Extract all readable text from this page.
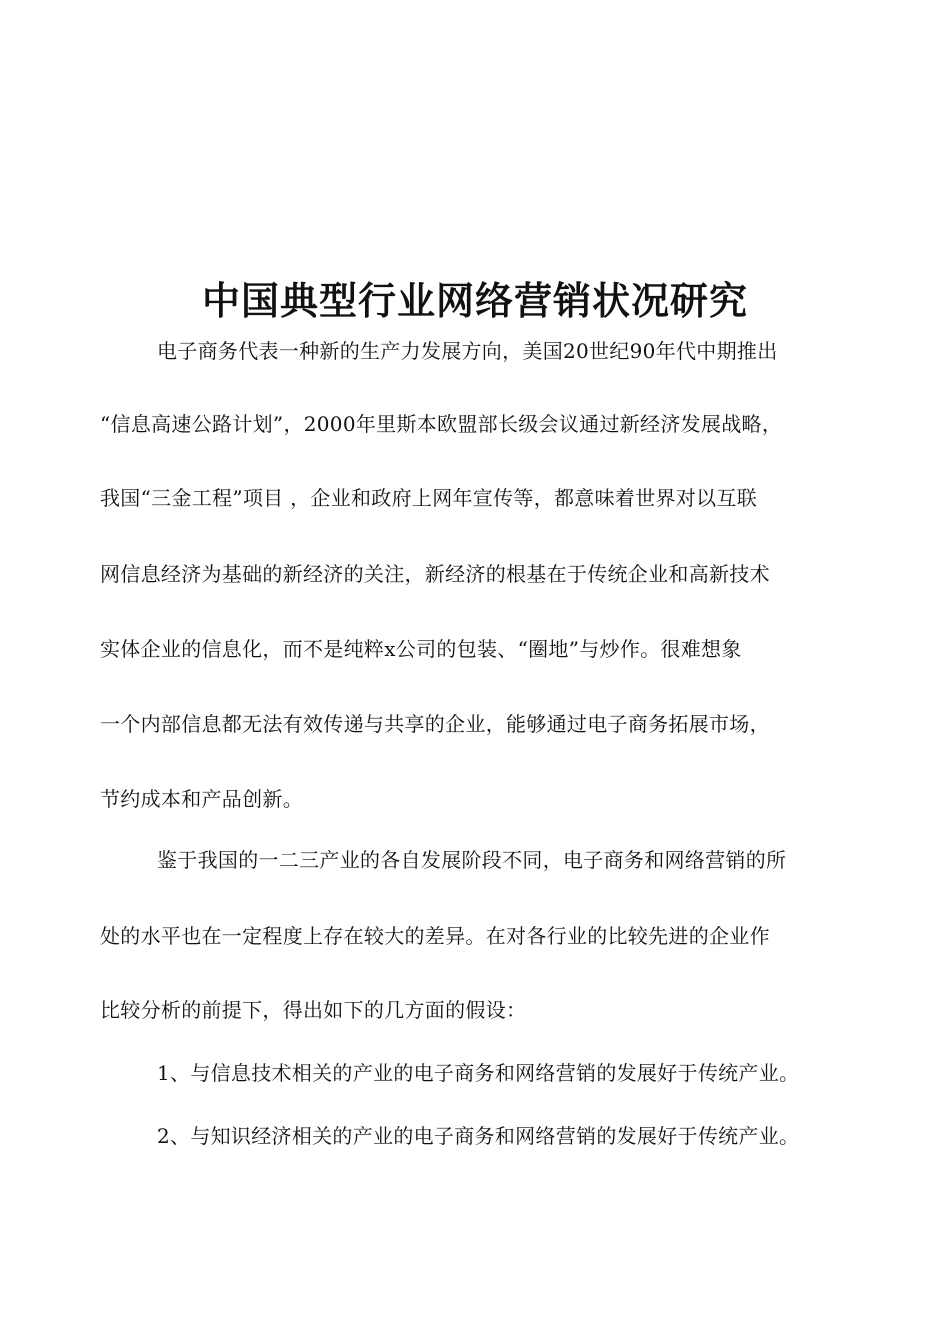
中国典型行业网络营销状况研究
电子商务代表一种新的生产力发展方向，美国20世纪90年代中期推出
“信息高速公路计划”，2000年里斯本欧盟部长级会议通过新经济发展战略，
我国“三金工程”项目 ，企业和政府上网年宣传等，都意味着世界对以互联
网信息经济为基础的新经济的关注，新经济的根基在于传统企业和高新技术
实体企业的信息化，而不是纯粹x公司的包装、“圈地”与炒作。很难想象
一个内部信息都无法有效传递与共享的企业，能够通过电子商务拓展市场，
节约成本和产品创新。
鉴于我国的一二三产业的各自发展阶段不同，电子商务和网络营销的所
处的水平也在一定程度上存在较大的差异。在对各行业的比较先进的企业作
比较分析的前提下，得出如下的几方面的假设：
1、与信息技术相关的产业的电子商务和网络营销的发展好于传统产业。
2、与知识经济相关的产业的电子商务和网络营销的发展好于传统产业。
